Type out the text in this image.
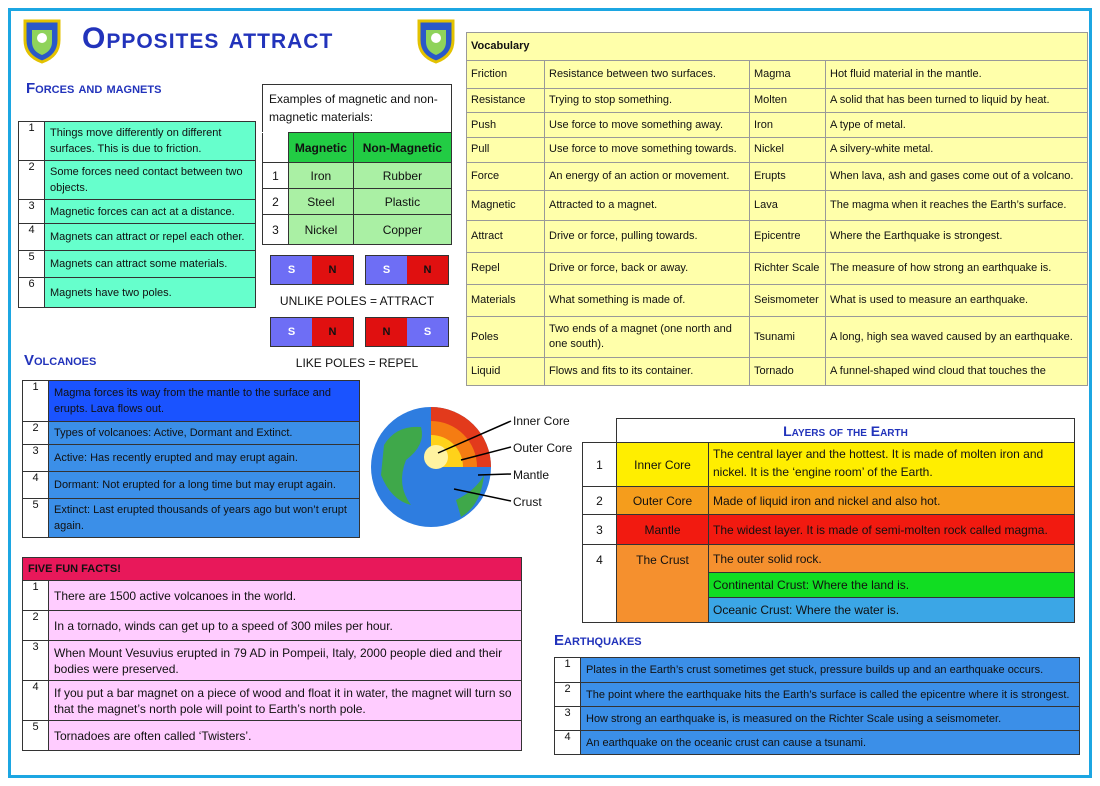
Opposites attract
Forces and magnets
1	Things move differently on different surfaces. This is due to friction.
2	Some forces need contact between two objects.
3	Magnetic forces can act at a distance.
4	Magnets can attract or repel each other.
5	Magnets can attract some materials.
6	Magnets have two poles.
Examples of magnetic and non-magnetic materials:
	Magnetic	Non-Magnetic
1	Iron	Rubber
2	Steel	Plastic
3	Nickel	Copper
S	N	S	N
UNLIKE POLES = ATTRACT
S	N	N	S
LIKE POLES = REPEL
Vocabulary			
Friction	Resistance between two surfaces.	Magma	Hot fluid material in the mantle.
Resistance	Trying to stop something.	Molten	A solid that has been turned to liquid by heat.
Push	Use force to move something away.	Iron	A type of metal.
Pull	Use force to move something towards.	Nickel	A silvery-white metal.
Force	An energy of an action or movement.	Erupts	When lava, ash and gases come out of a volcano.
Magnetic	Attracted to a magnet.	Lava	The magma when it reaches the Earth’s surface.
Attract	Drive or force, pulling towards.	Epicentre	Where the Earthquake is strongest.
Repel	Drive or force, back or away.	Richter Scale	The measure of how strong an earthquake is.
Materials	What something is made of.	Seismometer	What is used to measure an earthquake.
Poles	Two ends of a magnet (one north and one south).	Tsunami	A long, high sea waved caused by an earthquake.
Liquid	Flows and fits to its container.	Tornado	A funnel-shaped wind cloud that touches the
Volcanoes
1	Magma forces its way from the mantle to the surface and erupts. Lava flows out.
2	Types of volcanoes: Active, Dormant and Extinct.
3	Active: Has recently erupted and may erupt again.
4	Dormant: Not erupted for a long time but may erupt again.
5	Extinct: Last erupted thousands of years ago but won’t erupt again.
Inner Core
Outer Core
Mantle
Crust
	Layers of the Earth	
1	Inner Core	The central layer and the hottest. It is made of molten iron and nickel. It is the ‘engine room’ of the Earth.
2	Outer Core	Made of liquid iron and nickel and also hot.
3	Mantle	The widest layer. It is made of semi-molten rock called magma.
4	The Crust	The outer solid rock.
		Continental Crust: Where the land is.
		Oceanic Crust: Where the water is.
FIVE FUN FACTS!	
1	There are 1500 active volcanoes in the world.
2	In a tornado, winds can get up to a speed of 300 miles per hour.
3	When Mount Vesuvius erupted in 79 AD in Pompeii, Italy, 2000 people died and their bodies were preserved.
4	If you put a bar magnet on a piece of wood and float it in water, the magnet will turn so that the magnet’s north pole will point to Earth’s north pole.
5	Tornadoes are often called ‘Twisters’.
Earthquakes
1	Plates in the Earth’s crust sometimes get stuck, pressure builds up and an earthquake occurs.
2	The point where the earthquake hits the Earth’s surface is called the epicentre where it is strongest.
3	How strong an earthquake is, is measured on the Richter Scale using a seismometer.
4	An earthquake on the oceanic crust can cause a tsunami.
